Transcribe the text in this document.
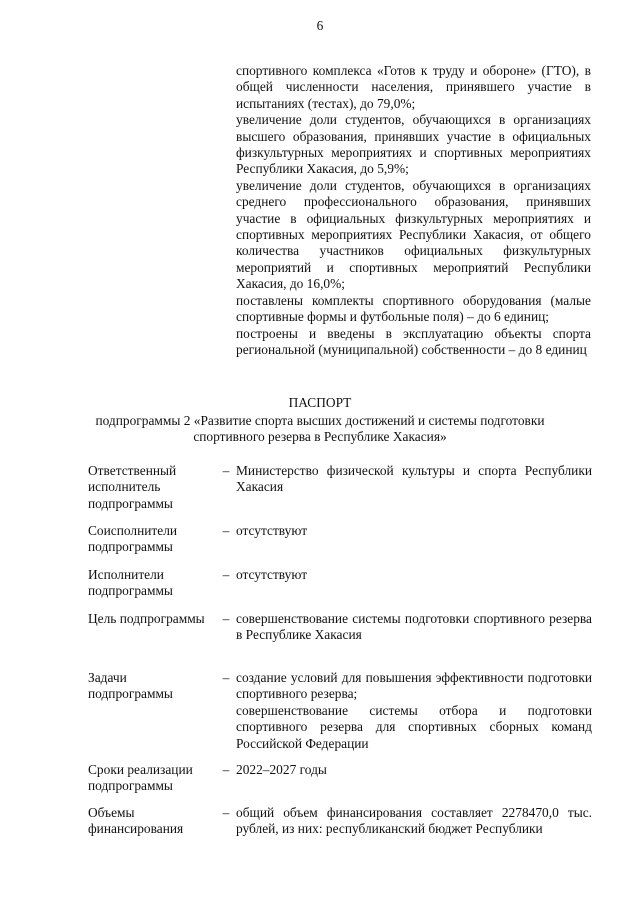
6
спортивного комплекса «Готов к труду и обороне» (ГТО), в общей численности населения, принявшего участие в испытаниях (тестах), до 79,0%;
увеличение доли студентов, обучающихся в организациях высшего образования, принявших участие в официальных физкультурных мероприятиях и спортивных мероприятиях Республики Хакасия, до 5,9%;
увеличение доли студентов, обучающихся в организациях среднего профессионального образования, принявших участие в официальных физкультурных мероприятиях и спортивных мероприятиях Республики Хакасия, от общего количества участников официальных физкультурных мероприятий и спортивных мероприятий Республики Хакасия, до 16,0%;
поставлены комплекты спортивного оборудования (малые спортивные формы и футбольные поля) – до 6 единиц;
построены и введены в эксплуатацию объекты спорта региональной (муниципальной) собственности – до 8 единиц
ПАСПОРТ
подпрограммы 2 «Развитие спорта высших достижений и системы подготовки
спортивного резерва в Республике Хакасия»
Ответственный исполнитель подпрограммы
– Министерство физической культуры и спорта Республики Хакасия
Соисполнители подпрограммы
– отсутствуют
Исполнители подпрограммы
– отсутствуют
Цель подпрограммы	– совершенствование системы подготовки спортивного резерва в Республике Хакасия
Задачи подпрограммы
– создание условий для повышения эффективности подготовки спортивного резерва;
совершенствование системы отбора и подготовки спортивного резерва для спортивных сборных команд Российской Федерации
Сроки реализации подпрограммы
– 2022–2027 годы
Объемы финансирования
– общий объем финансирования составляет 2278470,0 тыс. рублей, из них: республиканский бюджет Республики
